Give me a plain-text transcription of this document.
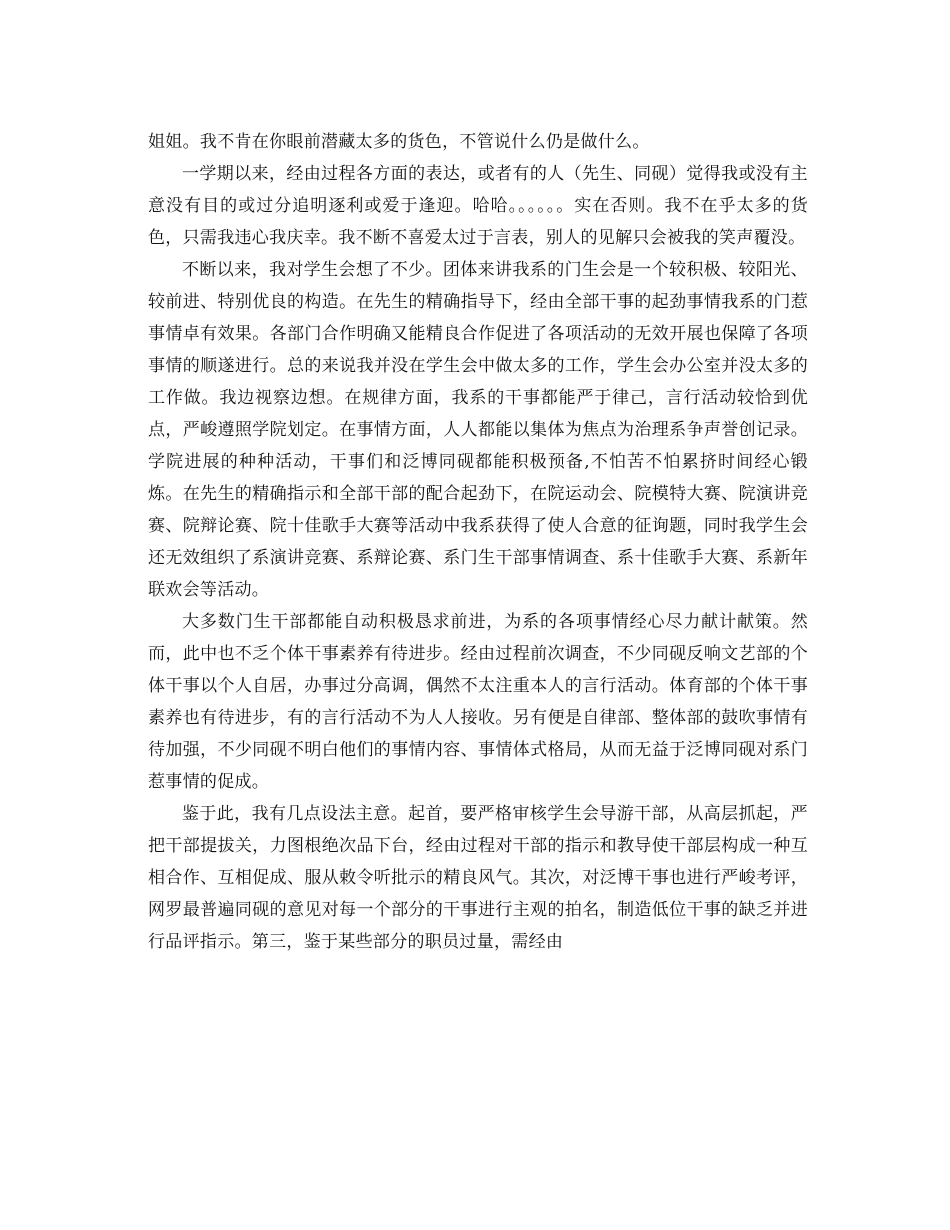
姐姐。我不肯在你眼前潜藏太多的货色，不管说什么仍是做什么。

一学期以来，经由过程各方面的表达，或者有的人（先生、同砚）觉得我或没有主意没有目的或过分追明逐利或爱于逢迎。哈哈。。。。。。实在否则。我不在乎太多的货色，只需我违心我庆幸。我不断不喜爱太过于言表，别人的见解只会被我的笑声覆没。

不断以来，我对学生会想了不少。团体来讲我系的门生会是一个较积极、较阳光、较前进、特别优良的构造。在先生的精确指导下，经由全部干事的起劲事情我系的门惹事情卓有效果。各部门合作明确又能精良合作促进了各项活动的无效开展也保障了各项事情的顺遂进行。总的来说我并没在学生会中做太多的工作，学生会办公室并没太多的工作做。我边视察边想。在规律方面，我系的干事都能严于律己，言行活动较恰到优点，严峻遵照学院划定。在事情方面，人人都能以集体为焦点为治理系争声誉创记录。学院进展的种种活动，干事们和泛博同砚都能积极预备,不怕苦不怕累挤时间经心锻炼。在先生的精确指示和全部干部的配合起劲下，在院运动会、院模特大赛、院演讲竞赛、院辩论赛、院十佳歌手大赛等活动中我系获得了使人合意的征询题，同时我学生会还无效组织了系演讲竞赛、系辩论赛、系门生干部事情调查、系十佳歌手大赛、系新年联欢会等活动。

大多数门生干部都能自动积极恳求前进，为系的各项事情经心尽力献计献策。然而，此中也不乏个体干事素养有待进步。经由过程前次调查，不少同砚反响文艺部的个体干事以个人自居，办事过分高调，偶然不太注重本人的言行活动。体育部的个体干事素养也有待进步，有的言行活动不为人人接收。另有便是自律部、整体部的鼓吹事情有待加强，不少同砚不明白他们的事情内容、事情体式格局，从而无益于泛博同砚对系门惹事情的促成。

鉴于此，我有几点设法主意。起首，要严格审核学生会导游干部，从高层抓起，严把干部提拔关，力图根绝次品下台，经由过程对干部的指示和教导使干部层构成一种互相合作、互相促成、服从敕令听批示的精良风气。其次，对泛博干事也进行严峻考评，网罗最普遍同砚的意见对每一个部分的干事进行主观的拍名，制造低位干事的缺乏并进行品评指示。第三，鉴于某些部分的职员过量，需经由
